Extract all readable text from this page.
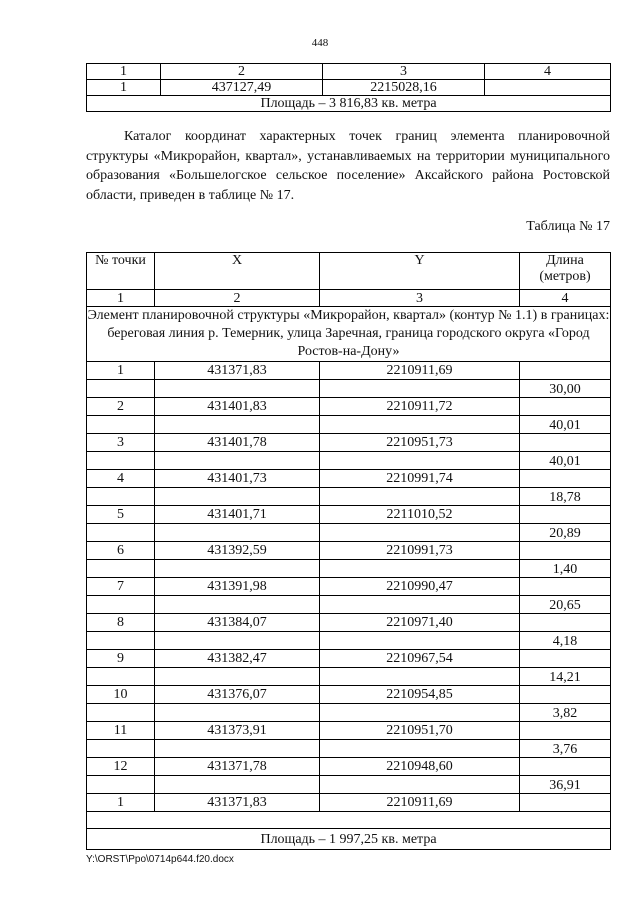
448
1	2	3	4
1	437127,49	2215028,16	
Площадь – 3 816,83 кв. метра			

Каталог координат характерных точек границ элемента планировочной структуры «Микрорайон, квартал», устанавливаемых на территории муниципального образования «Большелогское сельское поселение» Аксайского района Ростовской области, приведен в таблице № 17.

Таблица № 17
№ точки	X	Y	Длина (метров)
1	2	3	4
Элемент планировочной структуры «Микрорайон, квартал» (контур № 1.1) в границах: береговая линия р. Темерник, улица Заречная, граница городского округа «Город Ростов-на-Дону»			
1	431371,83	2210911,69	
			30,00
2	431401,83	2210911,72	
			40,01
3	431401,78	2210951,73	
			40,01
4	431401,73	2210991,74	
			18,78
5	431401,71	2211010,52	
			20,89
6	431392,59	2210991,73	
			1,40
7	431391,98	2210990,47	
			20,65
8	431384,07	2210971,40	
			4,18
9	431382,47	2210967,54	
			14,21
10	431376,07	2210954,85	
			3,82
11	431373,91	2210951,70	
			3,76
12	431371,78	2210948,60	
			36,91
1	431371,83	2210911,69	

Площадь – 1 997,25 кв. метра			
Y:\ORST\Ppo\0714p644.f20.docx
